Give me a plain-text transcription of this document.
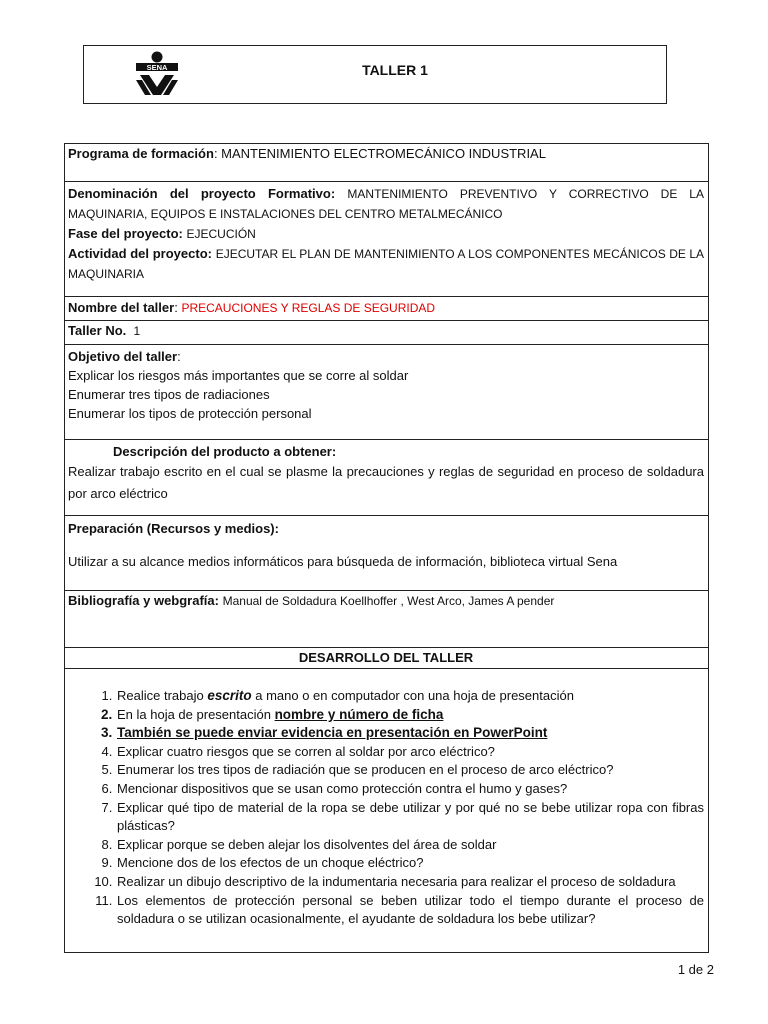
SENA	TALLER 1
Programa de formación: MANTENIMIENTO ELECTROMECÁNICO INDUSTRIAL
Denominación del proyecto Formativo: MANTENIMIENTO PREVENTIVO Y CORRECTIVO DE LA MAQUINARIA, EQUIPOS E INSTALACIONES DEL CENTRO METALMECÁNICO
Fase del proyecto: EJECUCIÓN
Actividad del proyecto: EJECUTAR EL PLAN DE MANTENIMIENTO A LOS COMPONENTES MECÁNICOS DE LA MAQUINARIA
Nombre del taller: PRECAUCIONES Y REGLAS DE SEGURIDAD
Taller No. 1
Objetivo del taller:
Explicar los riesgos más importantes que se corre al soldar
Enumerar tres tipos de radiaciones
Enumerar los tipos de protección personal
Descripción del producto a obtener:
Realizar trabajo escrito en el cual se plasme la precauciones y reglas de seguridad en proceso de soldadura por arco eléctrico
Preparación (Recursos y medios):
Utilizar a su alcance medios informáticos para búsqueda de información, biblioteca virtual Sena
Bibliografía y webgrafía: Manual de Soldadura Koellhoffer , West Arco, James A pender
DESARROLLO DEL TALLER
1. Realice trabajo escrito a mano o en computador con una hoja de presentación
2. En la hoja de presentación nombre y número de ficha
3. También se puede enviar evidencia en presentación en PowerPoint
4. Explicar cuatro riesgos que se corren al soldar por arco eléctrico?
5. Enumerar los tres tipos de radiación que se producen en el proceso de arco eléctrico?
6. Mencionar dispositivos que se usan como protección contra el humo y gases?
7. Explicar qué tipo de material de la ropa se debe utilizar y por qué no se bebe utilizar ropa con fibras plásticas?
8. Explicar porque se deben alejar los disolventes del área de soldar
9. Mencione dos de los efectos de un choque eléctrico?
10. Realizar un dibujo descriptivo de la indumentaria necesaria para realizar el proceso de soldadura
11. Los elementos de protección personal se beben utilizar todo el tiempo durante el proceso de soldadura o se utilizan ocasionalmente, el ayudante de soldadura los bebe utilizar?
1 de 2
